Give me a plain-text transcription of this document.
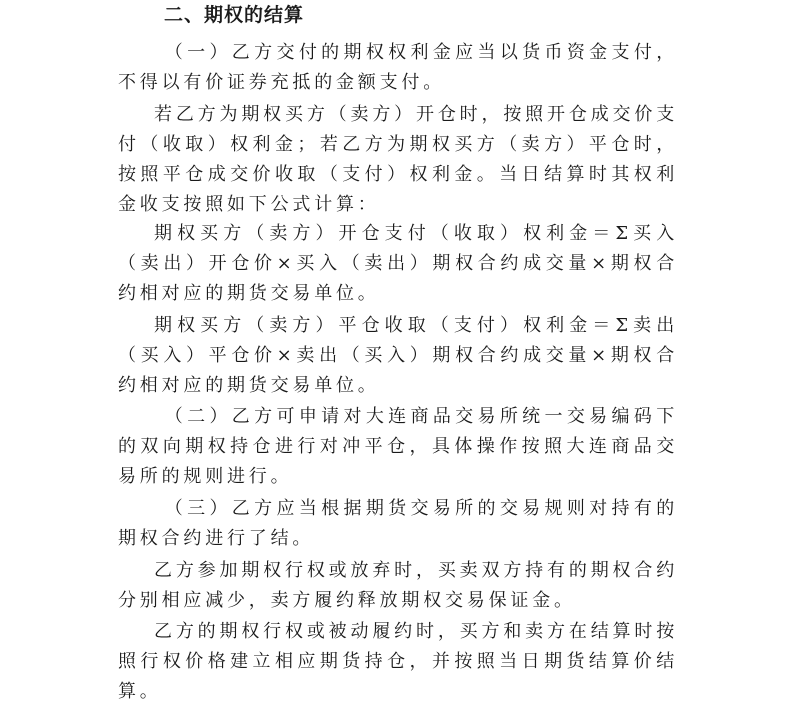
二、期权的结算

（一）乙方交付的期权权利金应当以货币资金支付，不得以有价证券充抵的金额支付。

若乙方为期权买方（卖方）开仓时，按照开仓成交价支付（收取）权利金；若乙方为期权买方（卖方）平仓时，按照平仓成交价收取（支付）权利金。当日结算时其权利金收支按照如下公式计算：

期权买方（卖方）开仓支付（收取）权利金＝Σ买入（卖出）开仓价×买入（卖出）期权合约成交量×期权合约相对应的期货交易单位。

期权买方（卖方）平仓收取（支付）权利金＝Σ卖出（买入）平仓价×卖出（买入）期权合约成交量×期权合约相对应的期货交易单位。

（二）乙方可申请对大连商品交易所统一交易编码下的双向期权持仓进行对冲平仓，具体操作按照大连商品交易所的规则进行。

（三）乙方应当根据期货交易所的交易规则对持有的期权合约进行了结。

乙方参加期权行权或放弃时，买卖双方持有的期权合约分别相应减少，卖方履约释放期权交易保证金。

乙方的期权行权或被动履约时，买方和卖方在结算时按照行权价格建立相应期货持仓，并按照当日期货结算价结算。
